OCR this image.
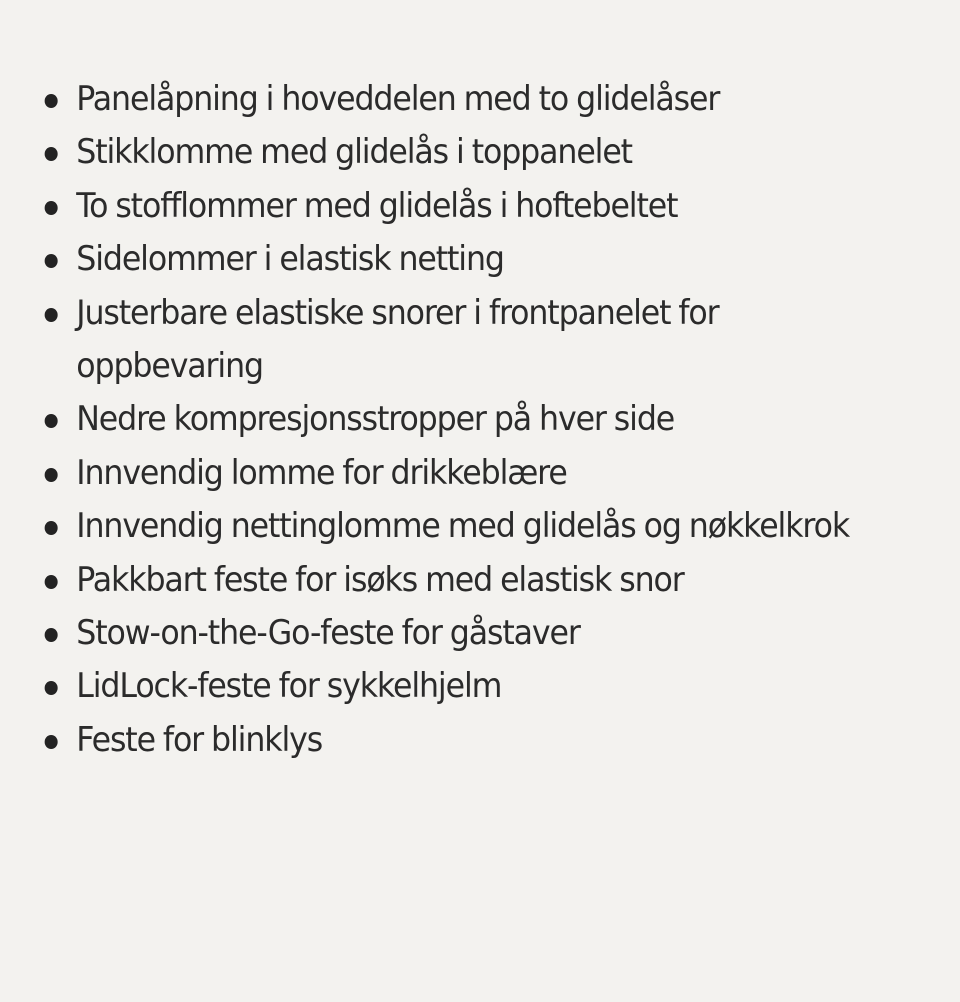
Panelåpning i hoveddelen med to glidelåser
Stikklomme med glidelås i toppanelet
To stofflommer med glidelås i hoftebeltet
Sidelommer i elastisk netting
Justerbare elastiske snorer i frontpanelet for oppbevaring
Nedre kompresjonsstropper på hver side
Innvendig lomme for drikkeblære
Innvendig nettinglomme med glidelås og nøkkelkrok
Pakkbart feste for isøks med elastisk snor
Stow-on-the-Go-feste for gåstaver
LidLock-feste for sykkelhjelm
Feste for blinklys
